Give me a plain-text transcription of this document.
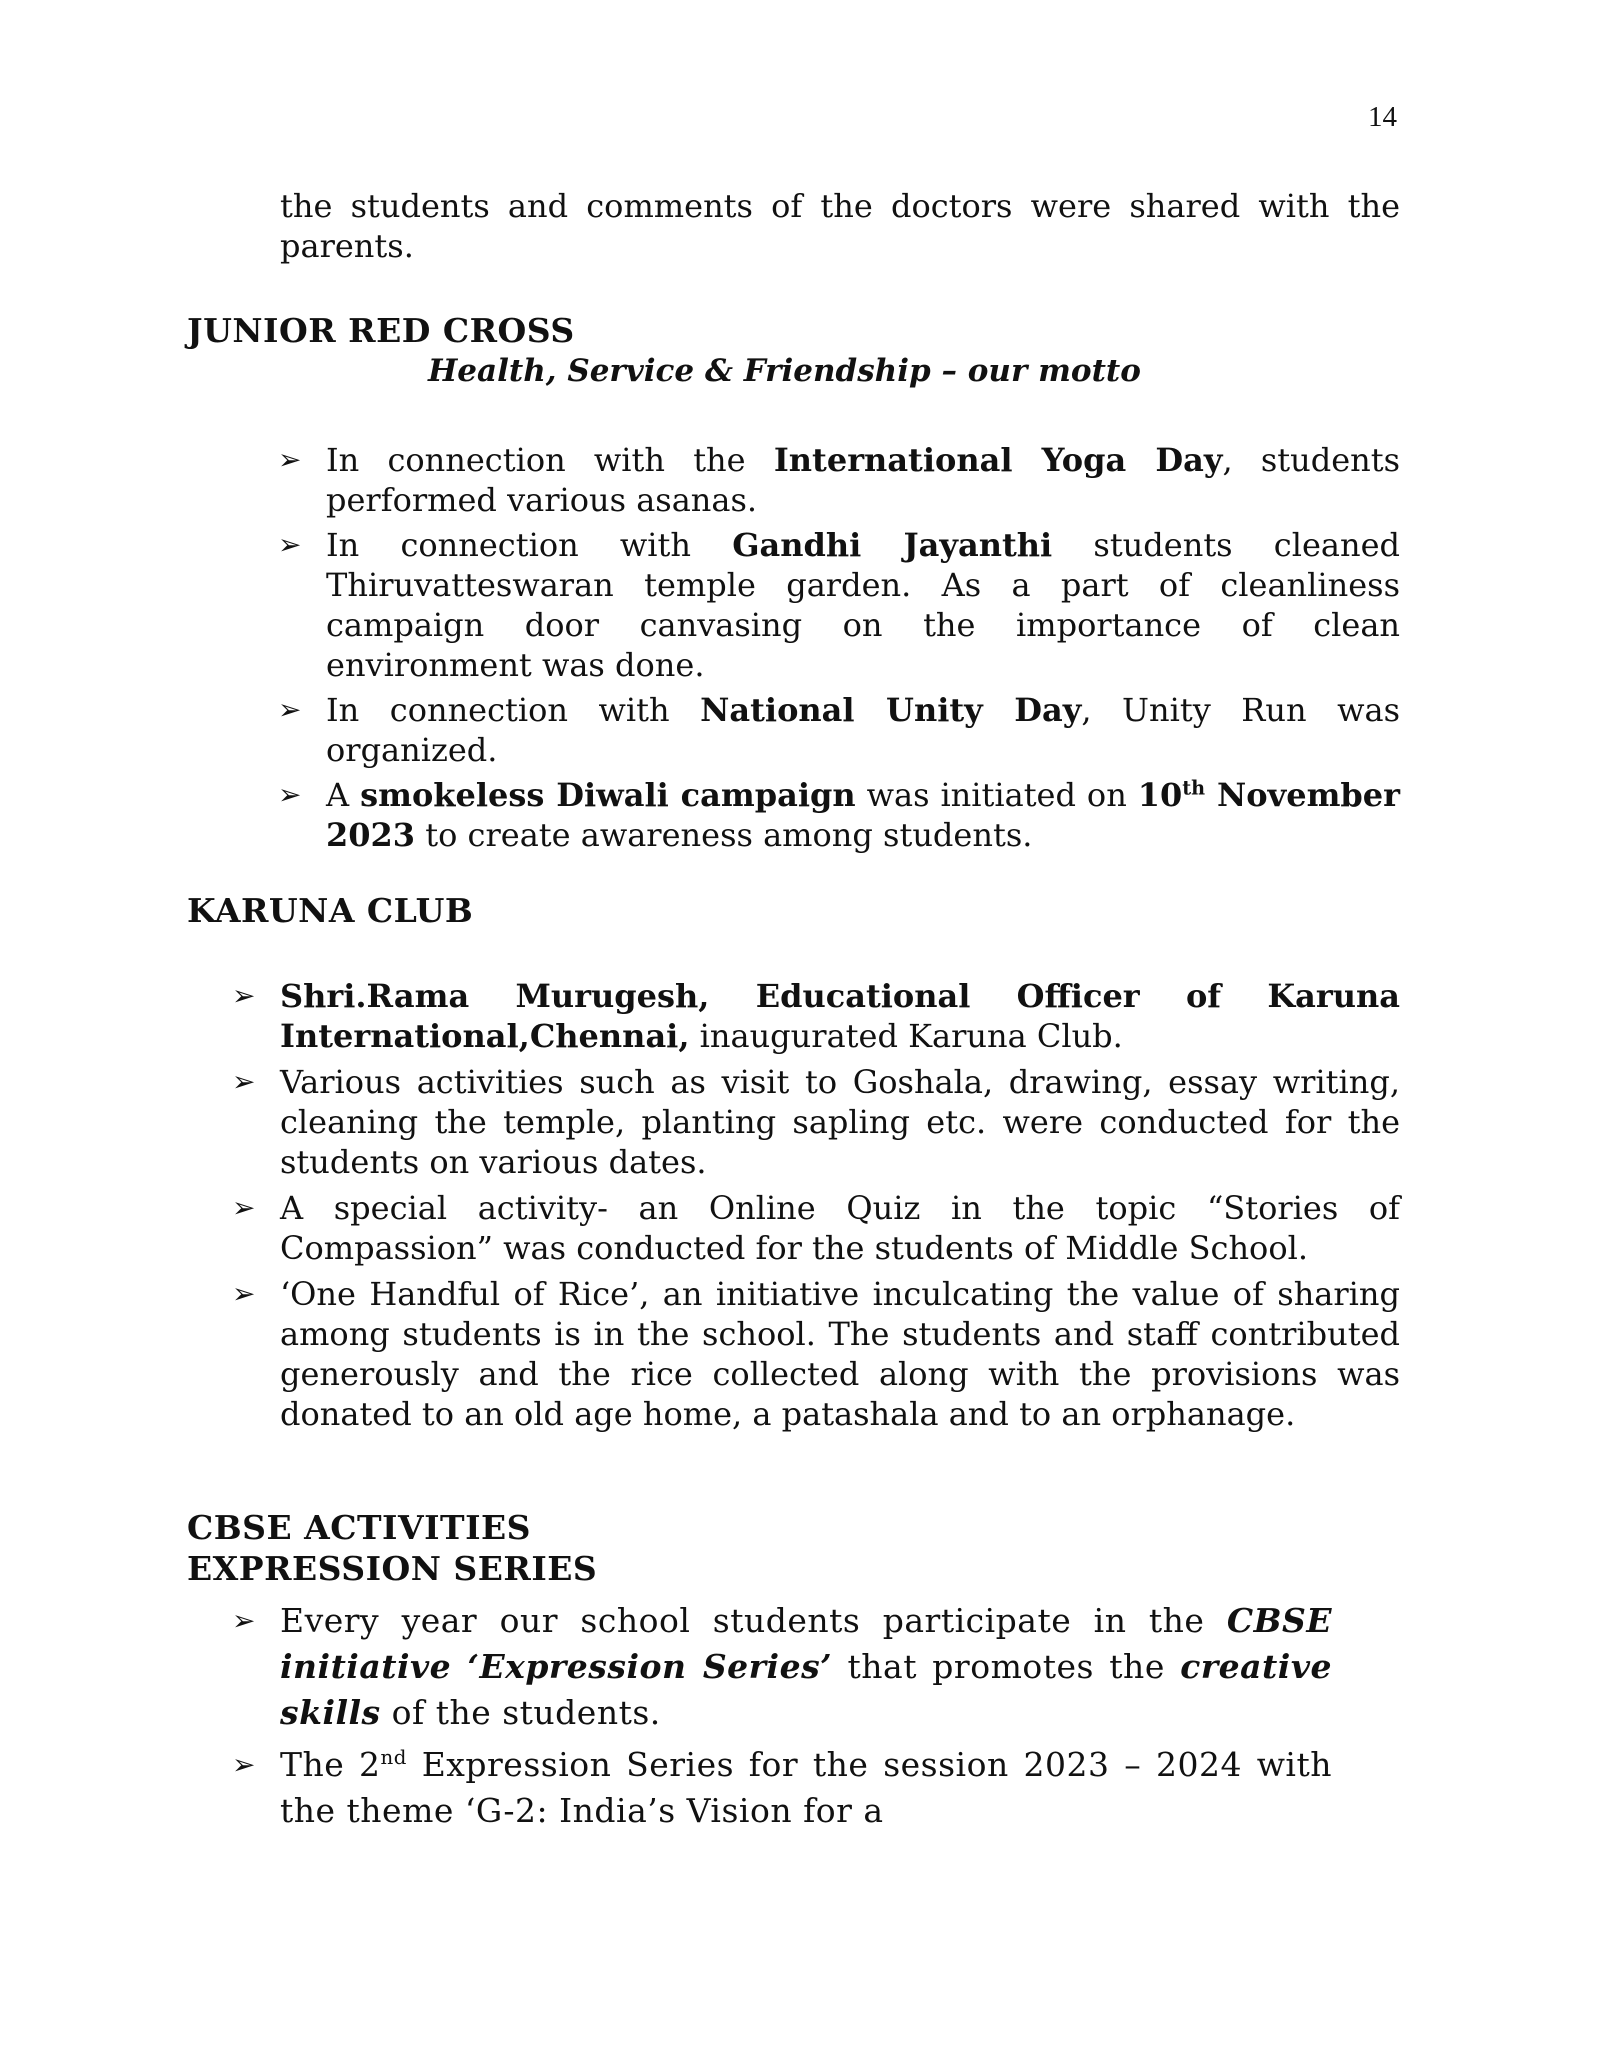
14

the students and comments of the doctors were shared with the parents.

JUNIOR RED CROSS
Health, Service & Friendship – our motto
➢ In connection with the International Yoga Day, students performed various asanas.
➢ In connection with Gandhi Jayanthi students cleaned Thiruvatteswaran temple garden. As a part of cleanliness campaign door canvasing on the importance of clean environment was done.
➢ In connection with National Unity Day, Unity Run was organized.
➢ A smokeless Diwali campaign was initiated on 10th November 2023 to create awareness among students.
KARUNA CLUB
➢ Shri.Rama Murugesh, Educational Officer of Karuna International,Chennai, inaugurated Karuna Club.
➢ Various activities such as visit to Goshala, drawing, essay writing, cleaning the temple, planting sapling etc. were conducted for the students on various dates.
➢ A special activity- an Online Quiz in the topic “Stories of Compassion” was conducted for the students of Middle School.
➢ ‘One Handful of Rice’, an initiative inculcating the value of sharing among students is in the school. The students and staff contributed generously and the rice collected along with the provisions was donated to an old age home, a patashala and to an orphanage.
CBSE ACTIVITIES
EXPRESSION SERIES
➢ Every year our school students participate in the CBSE initiative ‘Expression Series’ that promotes the creative skills of the students.
➢ The 2nd Expression Series for the session 2023 – 2024 with the theme ‘G-2: India’s Vision for a
